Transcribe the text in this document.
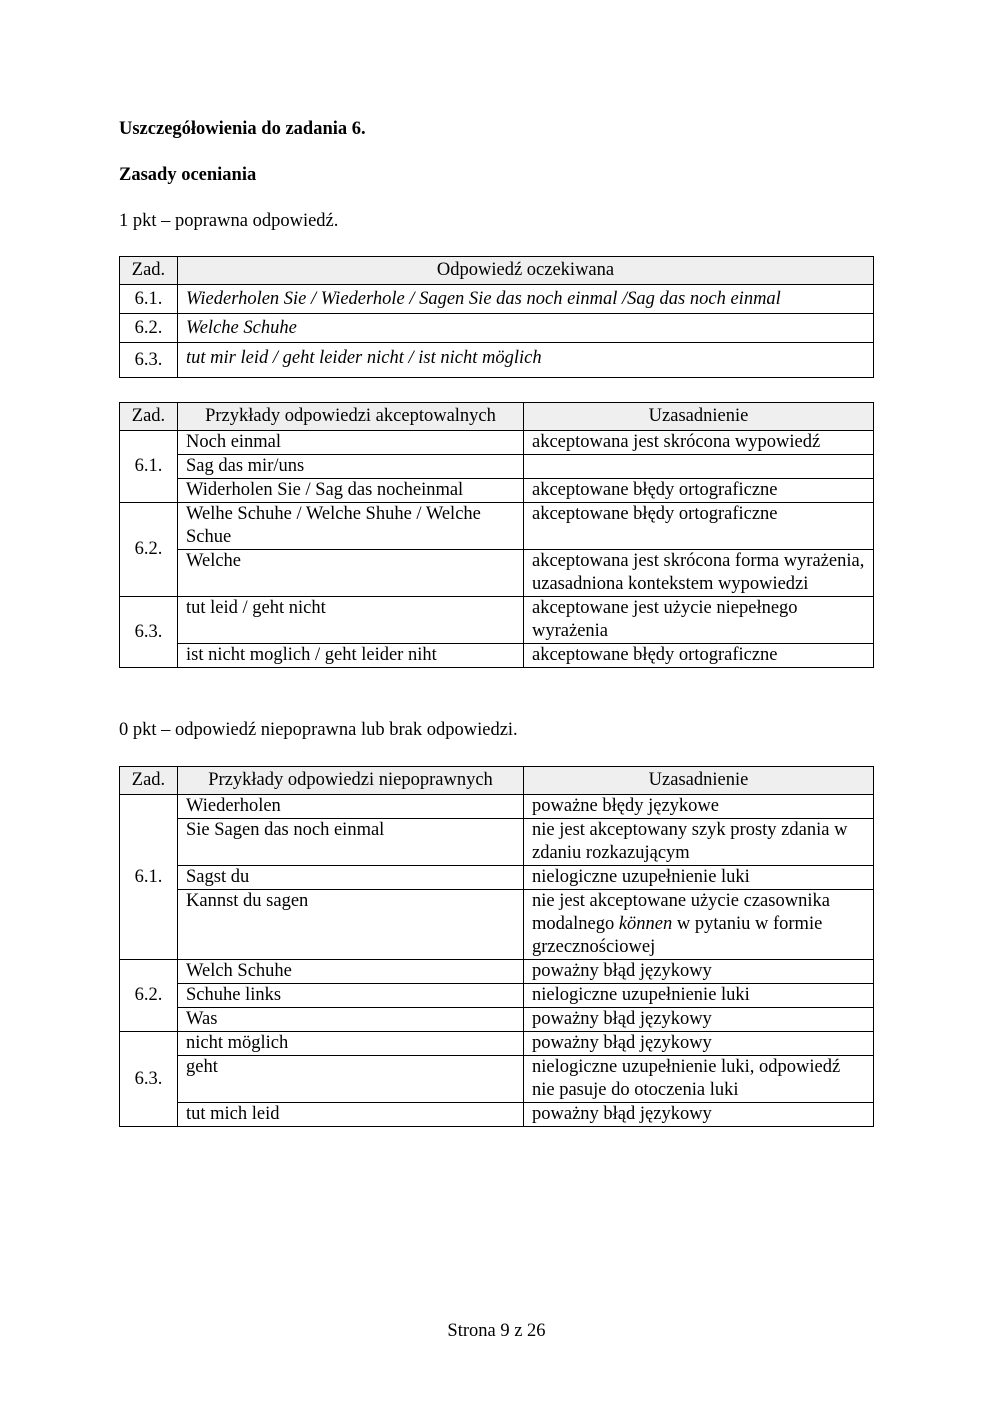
Uszczegółowienia do zadania 6.
Zasady oceniania
1 pkt – poprawna odpowiedź.
Zad.	Odpowiedź oczekiwana
6.1.	Wiederholen Sie / Wiederhole / Sagen Sie das noch einmal /Sag das noch einmal
6.2.	Welche Schuhe
6.3.	tut mir leid / geht leider nicht / ist nicht möglich
Zad.	Przykłady odpowiedzi akceptowalnych	Uzasadnienie
6.1.	Noch einmal	akceptowana jest skrócona wypowiedź
	Sag das mir/uns	
	Widerholen Sie / Sag das nocheinmal	akceptowane błędy ortograficzne
6.2.	Welhe Schuhe / Welche Shuhe / Welche Schue	akceptowane błędy ortograficzne
	Welche	akceptowana jest skrócona forma wyrażenia, uzasadniona kontekstem wypowiedzi
6.3.	tut leid / geht nicht	akceptowane jest użycie niepełnego wyrażenia
	ist nicht moglich / geht leider niht	akceptowane błędy ortograficzne
0 pkt – odpowiedź niepoprawna lub brak odpowiedzi.
Zad.	Przykłady odpowiedzi niepoprawnych	Uzasadnienie
6.1.	Wiederholen	poważne błędy językowe
	Sie Sagen das noch einmal	nie jest akceptowany szyk prosty zdania w zdaniu rozkazującym
	Sagst du	nielogiczne uzupełnienie luki
	Kannst du sagen	nie jest akceptowane użycie czasownika modalnego können w pytaniu w formie grzecznościowej
6.2.	Welch Schuhe	poważny błąd językowy
	Schuhe links	nielogiczne uzupełnienie luki
	Was	poważny błąd językowy
6.3.	nicht möglich	poważny błąd językowy
	geht	nielogiczne uzupełnienie luki, odpowiedź nie pasuje do otoczenia luki
	tut mich leid	poważny błąd językowy
Strona 9 z 26
